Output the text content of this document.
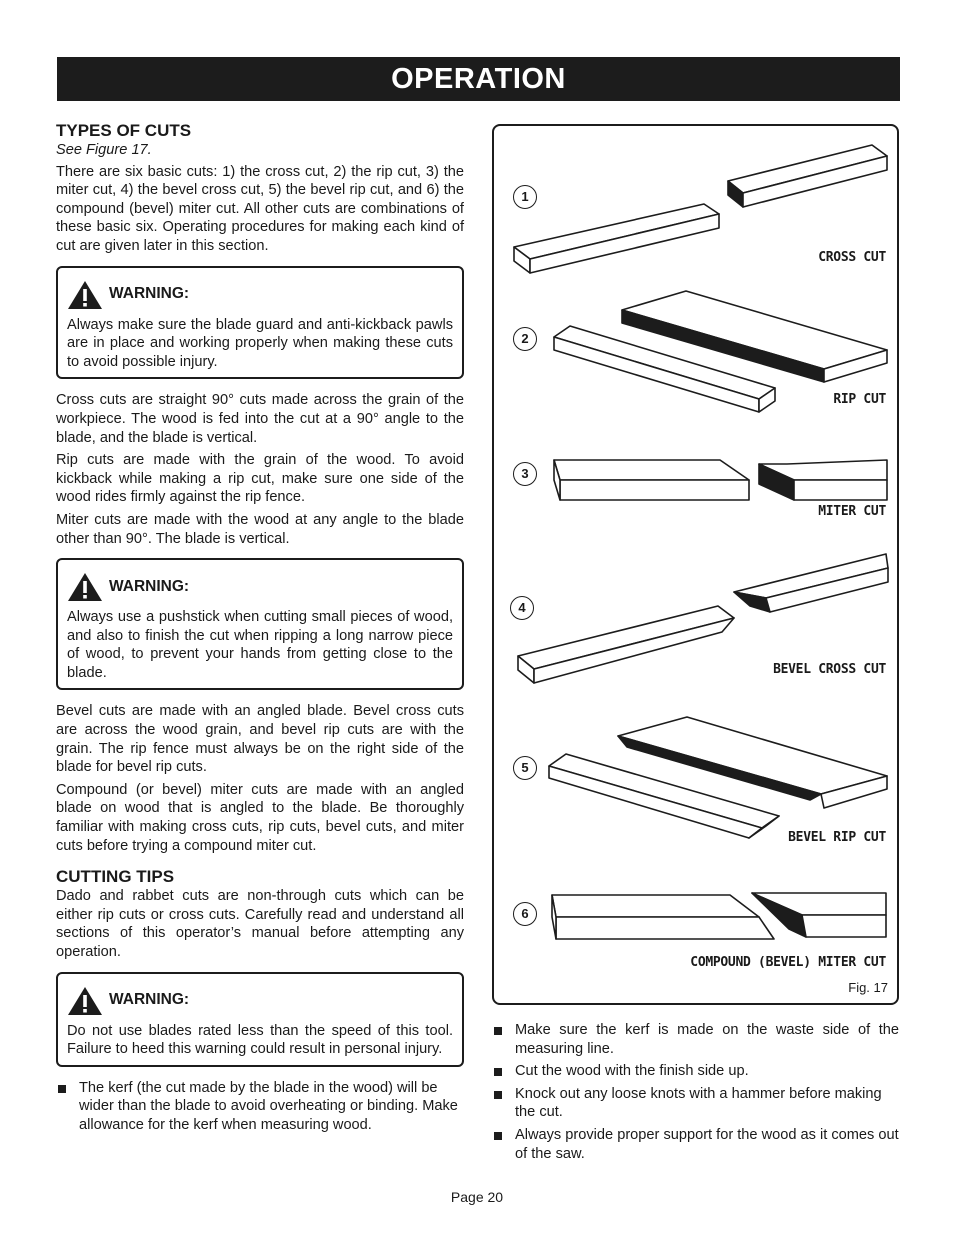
OPERATION
TYPES OF CUTS
See Figure 17.

There are six basic cuts: 1) the cross cut, 2) the rip cut, 3) the miter cut, 4) the bevel cross cut, 5) the bevel rip cut, and 6) the compound (bevel) miter cut. All other cuts are combinations of these basic six. Operating procedures for making each kind of cut are given later in this section.

WARNING:

Always make sure the blade guard and anti-kickback pawls are in place and working properly when making these cuts to avoid possible injury.

Cross cuts are straight 90° cuts made across the grain of the workpiece. The wood is fed into the cut at a 90° angle to the blade, and the blade is vertical.

Rip cuts are made with the grain of the wood. To avoid kickback while making a rip cut, make sure one side of the wood rides firmly against the rip fence.

Miter cuts are made with the wood at any angle to the blade other than 90°. The blade is vertical.

WARNING:

Always use a pushstick when cutting small pieces of wood, and also to finish the cut when ripping a long narrow piece of wood, to prevent your hands from getting close to the blade.

Bevel cuts are made with an angled blade. Bevel cross cuts are across the wood grain, and bevel rip cuts are with the grain. The rip fence must always be on the right side of the blade for bevel rip cuts.

Compound (or bevel) miter cuts are made with an angled blade on wood that is angled to the blade. Be thoroughly familiar with making cross cuts, rip cuts, bevel cuts, and miter cuts before trying a compound miter cut.

CUTTING TIPS

Dado and rabbet cuts are non-through cuts which can be either rip cuts or cross cuts. Carefully read and understand all sections of this operator’s manual before attempting any operation.

WARNING:

Do not use blades rated less than the speed of this tool. Failure to heed this warning could result in personal injury.

The kerf (the cut made by the blade in the wood) will be wider than the blade to avoid overheating or binding. Make allowance for the kerf when measuring wood.
1
CROSS CUT
2
RIP CUT
3
MITER CUT
4
BEVEL CROSS CUT
5
BEVEL RIP CUT
6
COMPOUND (BEVEL) MITER CUT
Fig. 17
Make sure the kerf is made on the waste side of the measuring line.
Cut the wood with the finish side up.
Knock out any loose knots with a hammer before making the cut.
Always provide proper support for the wood as it comes out of the saw.
Page 20
